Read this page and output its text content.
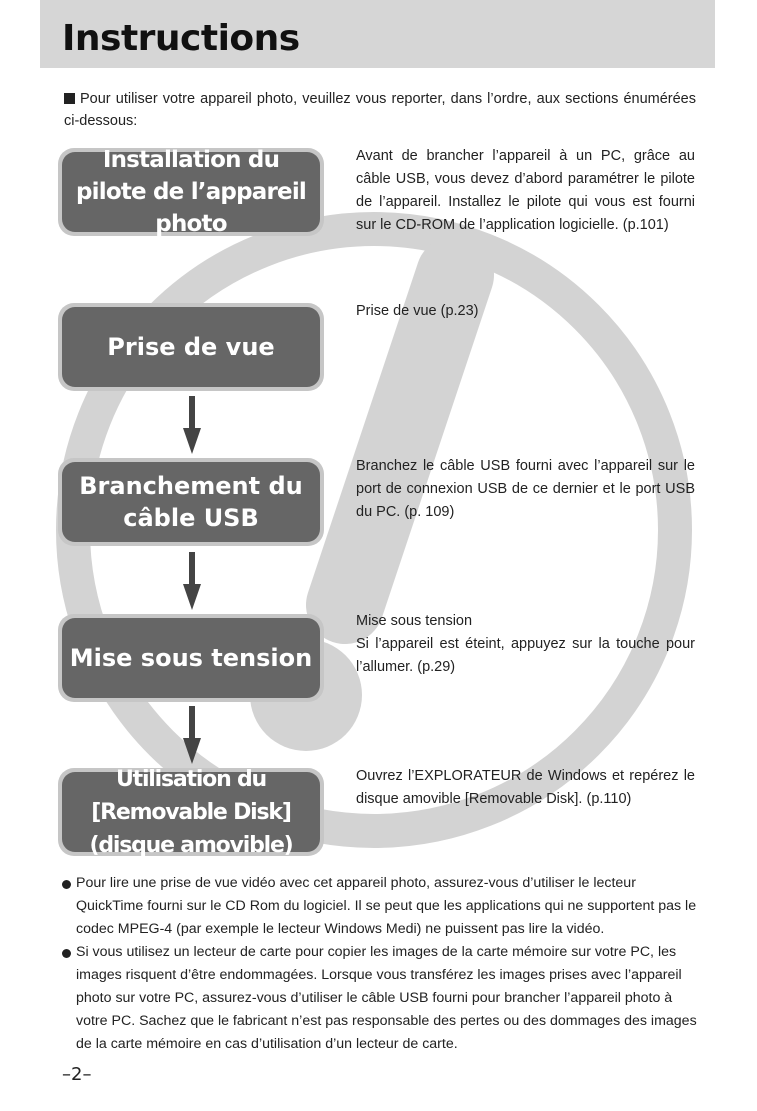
Instructions
Pour utiliser votre appareil photo, veuillez vous reporter, dans l’ordre, aux sections énumérées ci-dessous:
Installation du pilote de l’appareil photo
Avant de brancher l’appareil à un PC, grâce au câble USB, vous devez d’abord paramétrer le pilote de l’appareil. Installez le pilote qui vous est fourni sur le CD-ROM de l’application logicielle. (p.101)
Prise de vue
Prise de vue (p.23)
Branchement du câble USB
Branchez le câble USB fourni avec l’appareil sur le port de connexion USB de ce dernier et le port USB du PC. (p. 109)
Mise sous tension
Mise sous tension
Si l’appareil est éteint, appuyez sur la touche pour l’allumer. (p.29)
Utilisation du [Removable Disk] (disque amovible)
Ouvrez l’EXPLORATEUR de Windows et repérez le disque amovible [Removable Disk]. (p.110)
Pour lire une prise de vue vidéo avec cet appareil photo, assurez-vous d’utiliser le lecteur QuickTime fourni sur le CD Rom du logiciel. Il se peut que les applications qui ne supportent pas le codec MPEG-4 (par exemple le lecteur Windows Medi) ne puissent pas lire la vidéo.
Si vous utilisez un lecteur de carte pour copier les images de la carte mémoire sur votre PC, les images risquent d’être endommagées. Lorsque vous transférez les images prises avec l’appareil photo sur votre PC, assurez-vous d’utiliser le câble USB fourni pour brancher l’appareil photo à votre PC. Sachez que le fabricant n’est pas responsable des pertes ou des dommages des images de la carte mémoire en cas d’utilisation d’un lecteur de carte.
–2–
